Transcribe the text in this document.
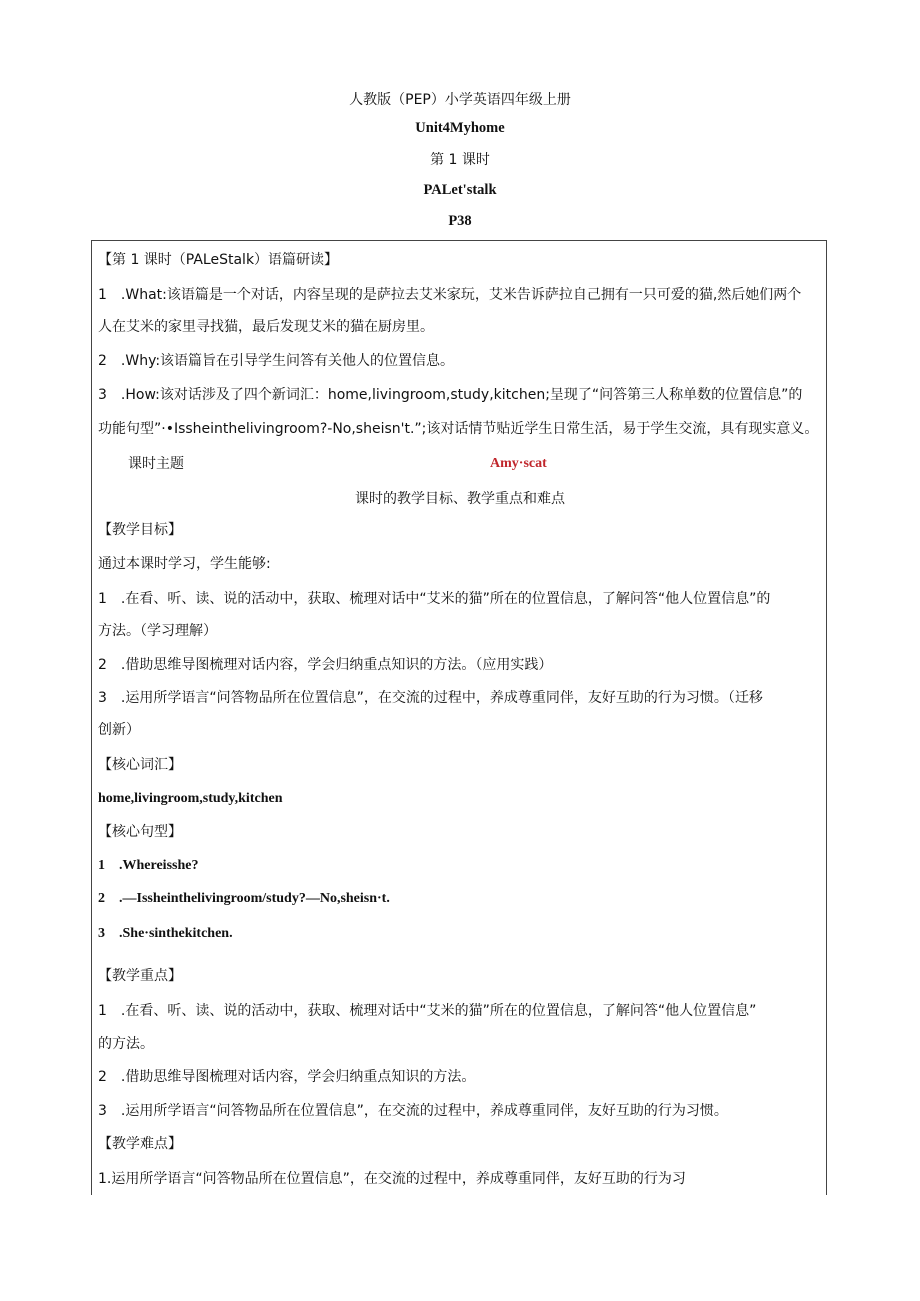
人教版（PEP）小学英语四年级上册
Unit4Myhome
第 1 课时
PALet'stalk
P38
【第 1 课时（PALeStalk）语篇研读】
1　.What:该语篇是一个对话，内容呈现的是萨拉去艾米家玩，艾米告诉萨拉自己拥有一只可爱的猫,然后她们两个
人在艾米的家里寻找猫，最后发现艾米的猫在厨房里。
2　.Why:该语篇旨在引导学生问答有关他人的位置信息。
3　.How:该对话涉及了四个新词汇：home,livingroom,study,kitchen;呈现了“问答第三人称单数的位置信息”的
功能句型”·•Issheinthelivingroom?-No,sheisn't.”;该对话情节贴近学生日常生活，易于学生交流，具有现实意义。
课时主题	Amy·scat
课时的教学目标、教学重点和难点
【教学目标】
通过本课时学习，学生能够:
1　.在看、听、读、说的活动中，获取、梳理对话中“艾米的猫”所在的位置信息，了解问答“他人位置信息”的
方法。（学习理解）
2　.借助思维导图梳理对话内容，学会归纳重点知识的方法。（应用实践）
3　.运用所学语言“问答物品所在位置信息”，在交流的过程中，养成尊重同伴，友好互助的行为习惯。（迁移
创新）
【核心词汇】
home,livingroom,study,kitchen
【核心句型】
1　.Whereisshe?
2　.—Issheinthelivingroom/study?—No,sheisn·t.
3　.She·sinthekitchen.
【教学重点】
1　.在看、听、读、说的活动中，获取、梳理对话中“艾米的猫”所在的位置信息，了解问答“他人位置信息”
的方法。
2　.借助思维导图梳理对话内容，学会归纳重点知识的方法。
3　.运用所学语言“问答物品所在位置信息”，在交流的过程中，养成尊重同伴，友好互助的行为习惯。
【教学难点】
1.运用所学语言“问答物品所在位置信息”，在交流的过程中，养成尊重同伴，友好互助的行为习
